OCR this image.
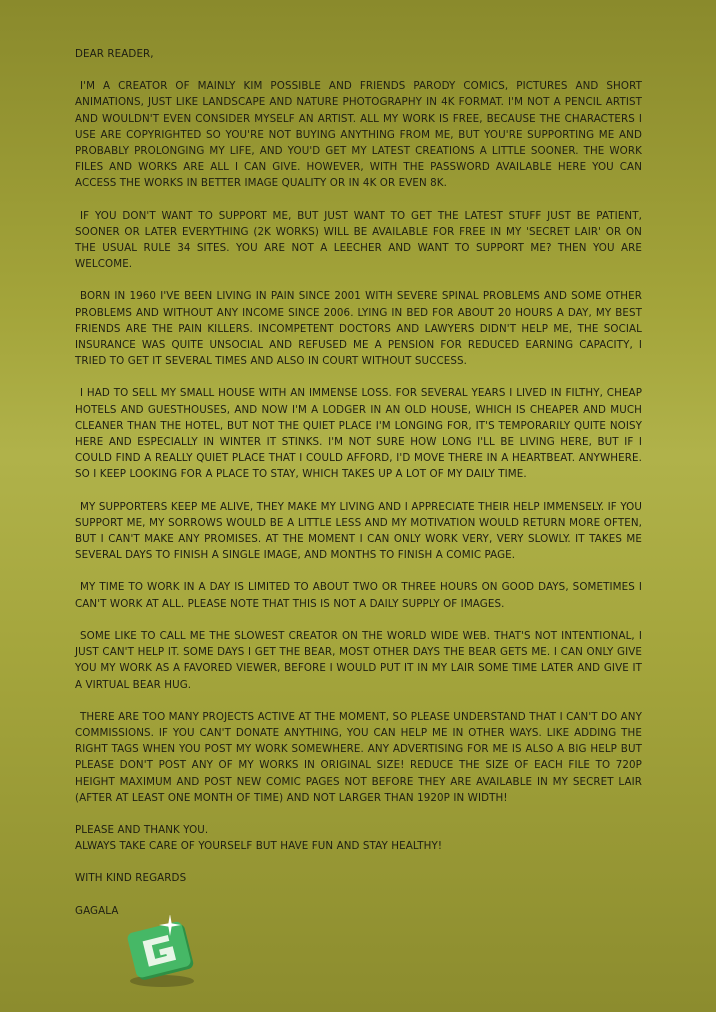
DEAR READER,

I'M A CREATOR OF MAINLY KIM POSSIBLE AND FRIENDS PARODY COMICS, PICTURES AND SHORT ANIMATIONS, JUST LIKE LANDSCAPE AND NATURE PHOTOGRAPHY IN 4K FORMAT. I'M NOT A PENCIL ARTIST AND WOULDN'T EVEN CONSIDER MYSELF AN ARTIST. ALL MY WORK IS FREE, BECAUSE THE CHARACTERS I USE ARE COPYRIGHTED SO YOU'RE NOT BUYING ANYTHING FROM ME, BUT YOU'RE SUPPORTING ME AND PROBABLY PROLONGING MY LIFE, AND YOU'D GET MY LATEST CREATIONS A LITTLE SOONER. THE WORK FILES AND WORKS ARE ALL I CAN GIVE. HOWEVER, WITH THE PASSWORD AVAILABLE HERE YOU CAN ACCESS THE WORKS IN BETTER IMAGE QUALITY OR IN 4K OR EVEN 8K.

IF YOU DON'T WANT TO SUPPORT ME, BUT JUST WANT TO GET THE LATEST STUFF JUST BE PATIENT, SOONER OR LATER EVERYTHING (2K WORKS) WILL BE AVAILABLE FOR FREE IN MY 'SECRET LAIR' OR ON THE USUAL RULE 34 SITES. YOU ARE NOT A LEECHER AND WANT TO SUPPORT ME? THEN YOU ARE WELCOME.

BORN IN 1960 I'VE BEEN LIVING IN PAIN SINCE 2001 WITH SEVERE SPINAL PROBLEMS AND SOME OTHER PROBLEMS AND WITHOUT ANY INCOME SINCE 2006. LYING IN BED FOR ABOUT 20 HOURS A DAY, MY BEST FRIENDS ARE THE PAIN KILLERS. INCOMPETENT DOCTORS AND LAWYERS DIDN'T HELP ME, THE SOCIAL INSURANCE WAS QUITE UNSOCIAL AND REFUSED ME A PENSION FOR REDUCED EARNING CAPACITY, I TRIED TO GET IT SEVERAL TIMES AND ALSO IN COURT WITHOUT SUCCESS.

I HAD TO SELL MY SMALL HOUSE WITH AN IMMENSE LOSS. FOR SEVERAL YEARS I LIVED IN FILTHY, CHEAP HOTELS AND GUESTHOUSES, AND NOW I'M A LODGER IN AN OLD HOUSE, WHICH IS CHEAPER AND MUCH CLEANER THAN THE HOTEL, BUT NOT THE QUIET PLACE I'M LONGING FOR, IT'S TEMPORARILY QUITE NOISY HERE AND ESPECIALLY IN WINTER IT STINKS. I'M NOT SURE HOW LONG I'LL BE LIVING HERE, BUT IF I COULD FIND A REALLY QUIET PLACE THAT I COULD AFFORD, I'D MOVE THERE IN A HEARTBEAT. ANYWHERE. SO I KEEP LOOKING FOR A PLACE TO STAY, WHICH TAKES UP A LOT OF MY DAILY TIME.

MY SUPPORTERS KEEP ME ALIVE, THEY MAKE MY LIVING AND I APPRECIATE THEIR HELP IMMENSELY. IF YOU SUPPORT ME, MY SORROWS WOULD BE A LITTLE LESS AND MY MOTIVATION WOULD RETURN MORE OFTEN, BUT I CAN'T MAKE ANY PROMISES. AT THE MOMENT I CAN ONLY WORK VERY, VERY SLOWLY. IT TAKES ME SEVERAL DAYS TO FINISH A SINGLE IMAGE, AND MONTHS TO FINISH A COMIC PAGE.

MY TIME TO WORK IN A DAY IS LIMITED TO ABOUT TWO OR THREE HOURS ON GOOD DAYS, SOMETIMES I CAN'T WORK AT ALL. PLEASE NOTE THAT THIS IS NOT A DAILY SUPPLY OF IMAGES.

SOME LIKE TO CALL ME THE SLOWEST CREATOR ON THE WORLD WIDE WEB. THAT'S NOT INTENTIONAL, I JUST CAN'T HELP IT. SOME DAYS I GET THE BEAR, MOST OTHER DAYS THE BEAR GETS ME. I CAN ONLY GIVE YOU MY WORK AS A FAVORED VIEWER, BEFORE I WOULD PUT IT IN MY LAIR SOME TIME LATER AND GIVE IT A VIRTUAL BEAR HUG.

THERE ARE TOO MANY PROJECTS ACTIVE AT THE MOMENT, SO PLEASE UNDERSTAND THAT I CAN'T DO ANY COMMISSIONS. IF YOU CAN'T DONATE ANYTHING, YOU CAN HELP ME IN OTHER WAYS. LIKE ADDING THE RIGHT TAGS WHEN YOU POST MY WORK SOMEWHERE. ANY ADVERTISING FOR ME IS ALSO A BIG HELP BUT PLEASE DON'T POST ANY OF MY WORKS IN ORIGINAL SIZE! REDUCE THE SIZE OF EACH FILE TO 720P HEIGHT MAXIMUM AND POST NEW COMIC PAGES NOT BEFORE THEY ARE AVAILABLE IN MY SECRET LAIR (AFTER AT LEAST ONE MONTH OF TIME) AND NOT LARGER THAN 1920P IN WIDTH!

PLEASE AND THANK YOU.

ALWAYS TAKE CARE OF YOURSELF BUT HAVE FUN AND STAY HEALTHY!

WITH KIND REGARDS

GAGALA
